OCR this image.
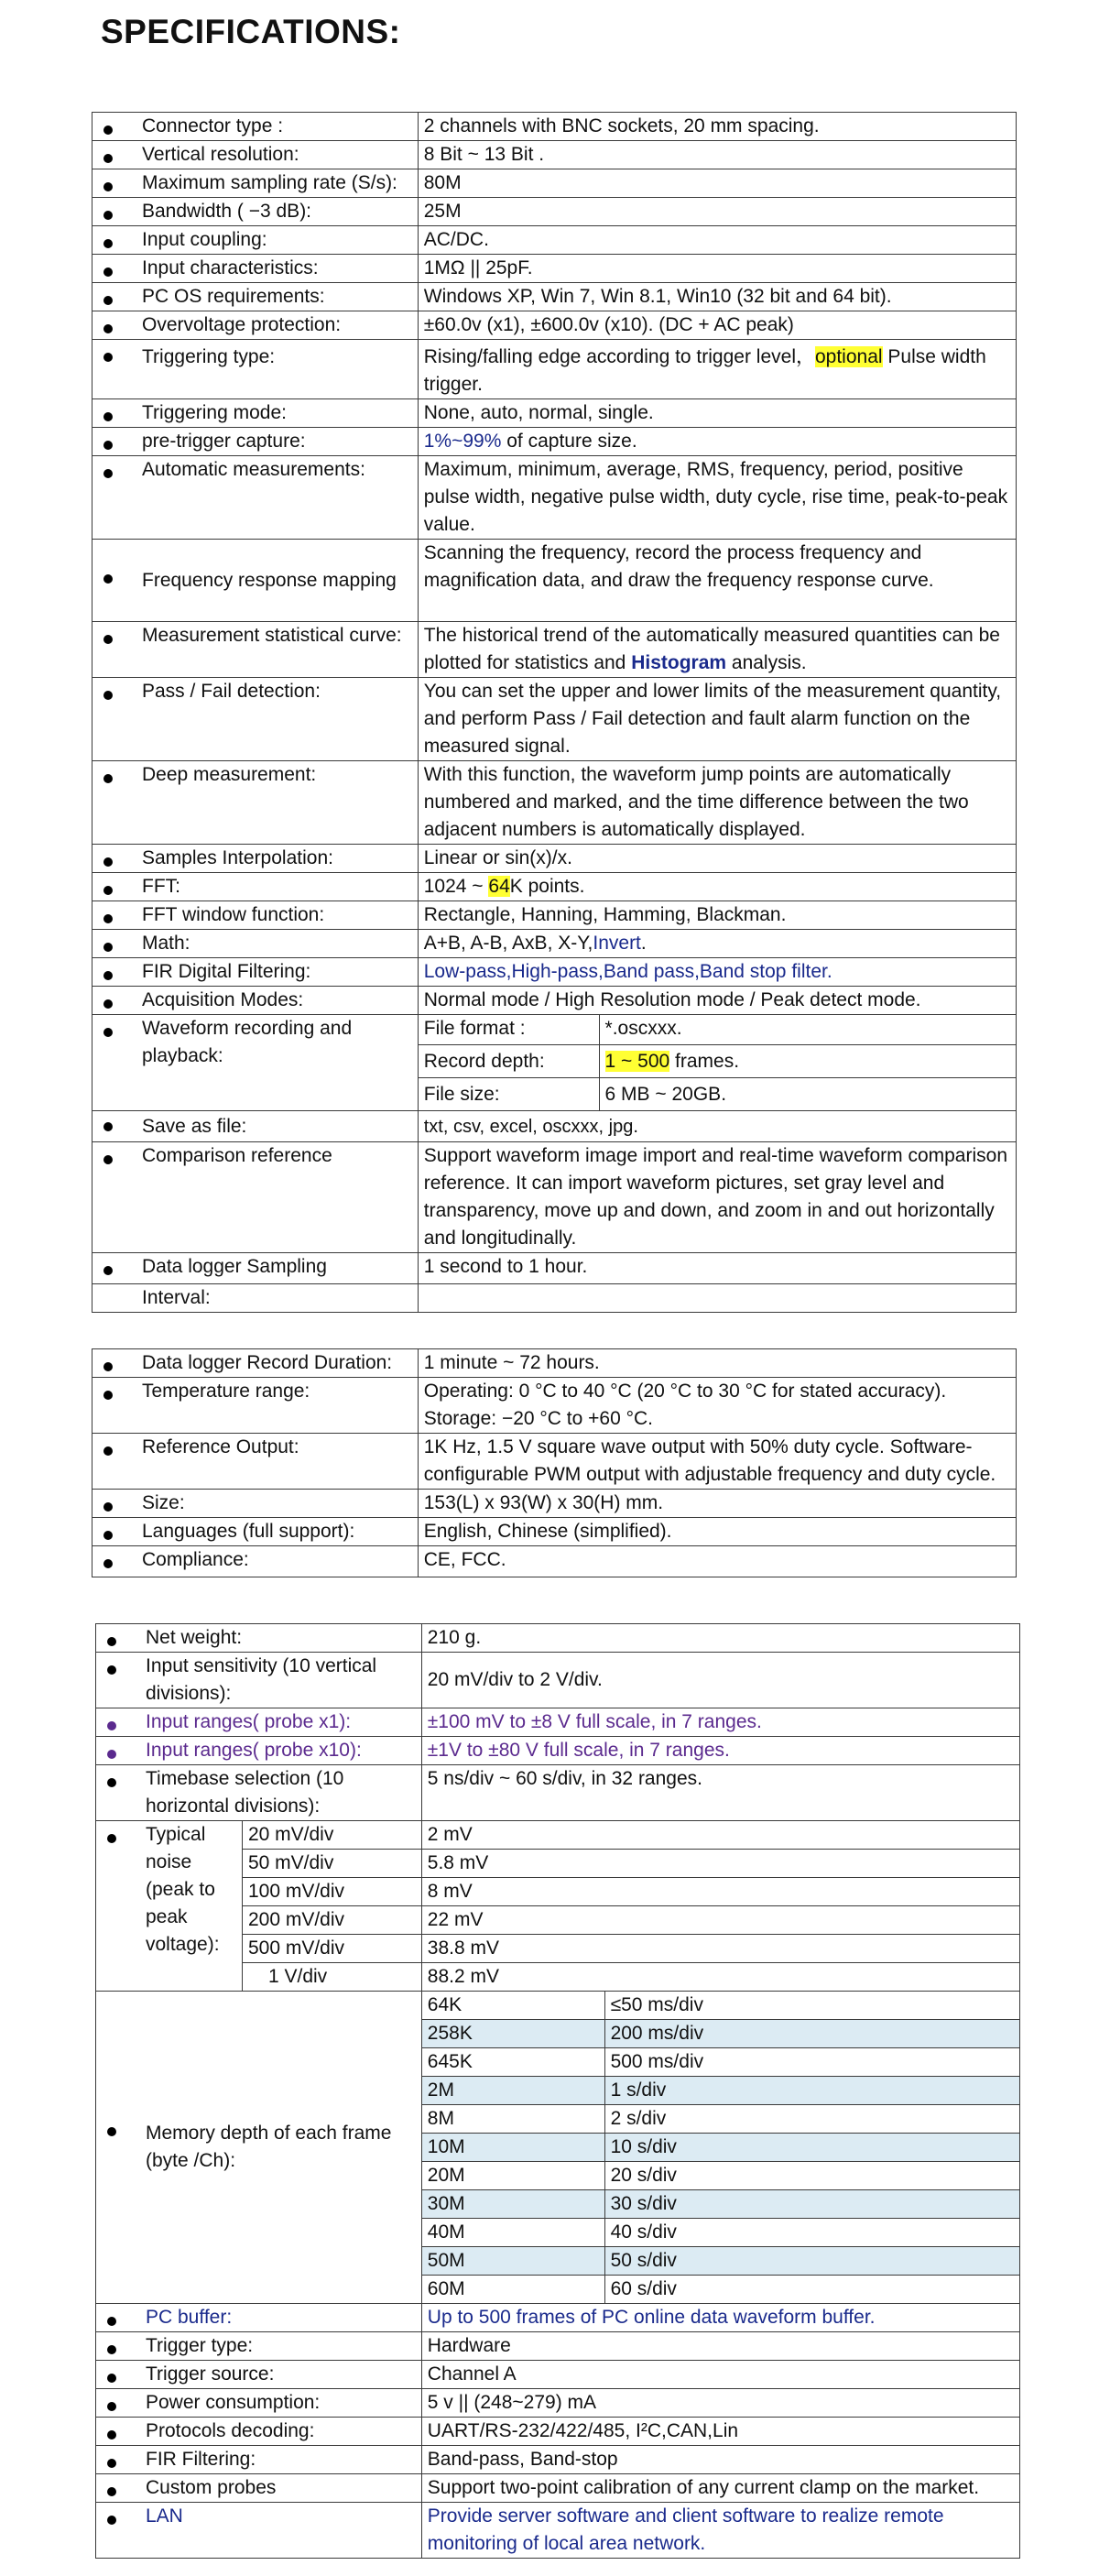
SPECIFICATIONS:
Connector type :	2 channels with BNC sockets, 20 mm spacing.	

Vertical resolution:	8 Bit ~ 13 Bit .	

Maximum sampling rate (S/s):	80M	

Bandwidth ( −3 dB):	25M	

Input coupling:	AC/DC.	

Input characteristics:	1MΩ || 25pF.	

PC OS requirements:	Windows XP, Win 7, Win 8.1, Win10 (32 bit and 64 bit).	

Overvoltage protection:	±60.0v (x1), ±600.0v (x10). (DC + AC peak)	

Triggering type:	Rising/falling edge according to trigger level，optional Pulse width trigger.	

Triggering mode:	None, auto, normal, single.	

pre-trigger capture:	1%~99% of capture size.	

Automatic measurements:	Maximum, minimum, average, RMS, frequency, period, positive pulse width, negative pulse width, duty cycle, rise time, peak-to-peak value.	

Frequency response mapping	Scanning the frequency, record the process frequency and magnification data, and draw the frequency response curve.	

Measurement statistical curve:	The historical trend of the automatically measured quantities can be plotted for statistics and Histogram analysis.	

Pass / Fail detection:	You can set the upper and lower limits of the measurement quantity, and perform Pass / Fail detection and fault alarm function on the measured signal.	

Deep measurement:	With this function, the waveform jump points are automatically numbered and marked, and the time difference between the two adjacent numbers is automatically displayed.	

Samples Interpolation:	Linear or sin(x)/x.	

FFT:	1024 ~ 64K points.	

FFT window function:	Rectangle, Hanning, Hamming, Blackman.	

Math:	A+B, A-B, AxB, X-Y,Invert.	

FIR Digital Filtering:	Low-pass,High-pass,Band pass,Band stop filter.	

Acquisition Modes:	Normal mode / High Resolution mode / Peak detect mode.	

Waveform recording and playback:	File format :	*.oscxxx.
	Record depth:	1 ~ 500 frames.
	File size:	6 MB ~ 20GB.

Save as file:	txt, csv, excel, oscxxx, jpg.	

Comparison reference	Support waveform image import and real-time waveform comparison reference. It can import waveform pictures, set gray level and transparency, move up and down, and zoom in and out horizontally and longitudinally.	

Data logger Sampling	1 second to 1 hour.	
Interval:		
Data logger Record Duration:	1 minute ~ 72 hours.

Temperature range:	Operating: 0 °C to 40 °C (20 °C to 30 °C for stated accuracy).
Storage: −20 °C to +60 °C.

Reference Output:	1K Hz, 1.5 V square wave output with 50% duty cycle. Software-configurable PWM output with adjustable frequency and duty cycle.

Size:	153(L) x 93(W) x 30(H) mm.

Languages (full support):	English, Chinese (simplified).

Compliance:	CE, FCC.
Net weight:		210 g.	

Input sensitivity (10 vertical divisions):		20 mV/div to 2 V/div.	

Input ranges( probe x1):		±100 mV to ±8 V full scale, in 7 ranges.	

Input ranges( probe x10):		±1V to ±80 V full scale, in 7 ranges.	

Timebase selection (10 horizontal divisions):		5 ns/div ~ 60 s/div, in 32 ranges.	

Typical noise (peak to peak voltage):	20 mV/div	2 mV	
	50 mV/div	5.8 mV	
	100 mV/div	8 mV	
	200 mV/div	22 mV	
	500 mV/div	38.8 mV	
	1 V/div	88.2 mV	

Memory depth of each frame (byte /Ch):		64K	≤50 ms/div
		258K	200 ms/div
		645K	500 ms/div
		2M	1 s/div
		8M	2 s/div
		10M	10 s/div
		20M	20 s/div
		30M	30 s/div
		40M	40 s/div
		50M	50 s/div
		60M	60 s/div

PC buffer:		Up to 500 frames of PC online data waveform buffer.	

Trigger type:		Hardware	

Trigger source:		Channel A	

Power consumption:		5 v || (248~279) mA	

Protocols decoding:		UART/RS-232/422/485, I²C,CAN,Lin	

FIR Filtering:		Band-pass, Band-stop	

Custom probes		Support two-point calibration of any current clamp on the market.	

LAN		Provide server software and client software to realize remote monitoring of local area network.	
